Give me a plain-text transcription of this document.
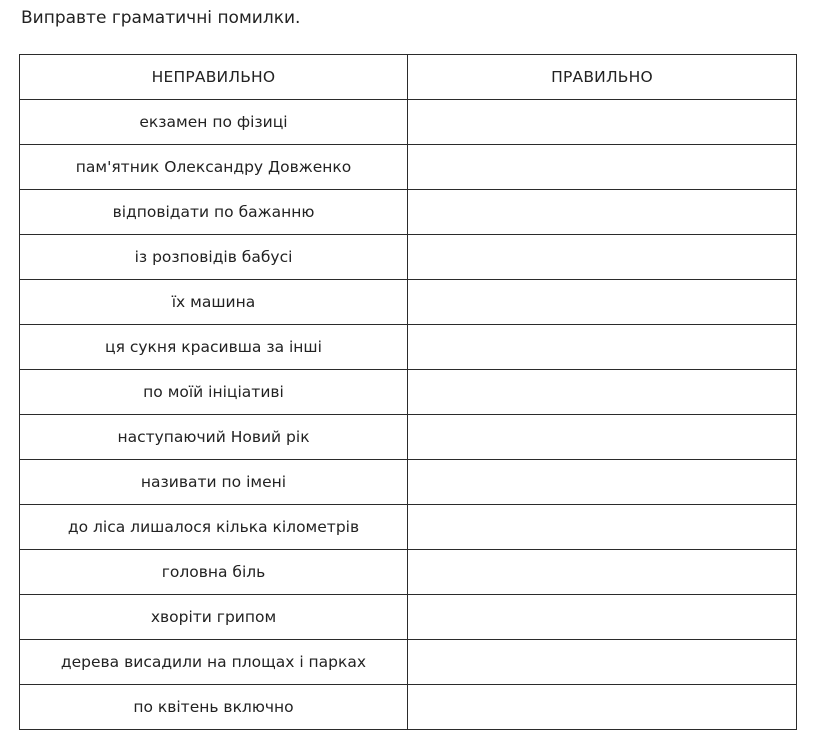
Виправте граматичні помилки.
НЕПРАВИЛЬНО	ПРАВИЛЬНО
екзамен по фізиці	
пам'ятник Олександру Довженко	
відповідати по бажанню	
із розповідів бабусі	
їх машина	
ця сукня красивша за інші	
по моїй ініціативі	
наступаючий Новий рік	
називати по імені	
до ліса лишалося кілька кілометрів	
головна біль	
хворіти грипом	
дерева висадили на площах і парках	
по квітень включно	
